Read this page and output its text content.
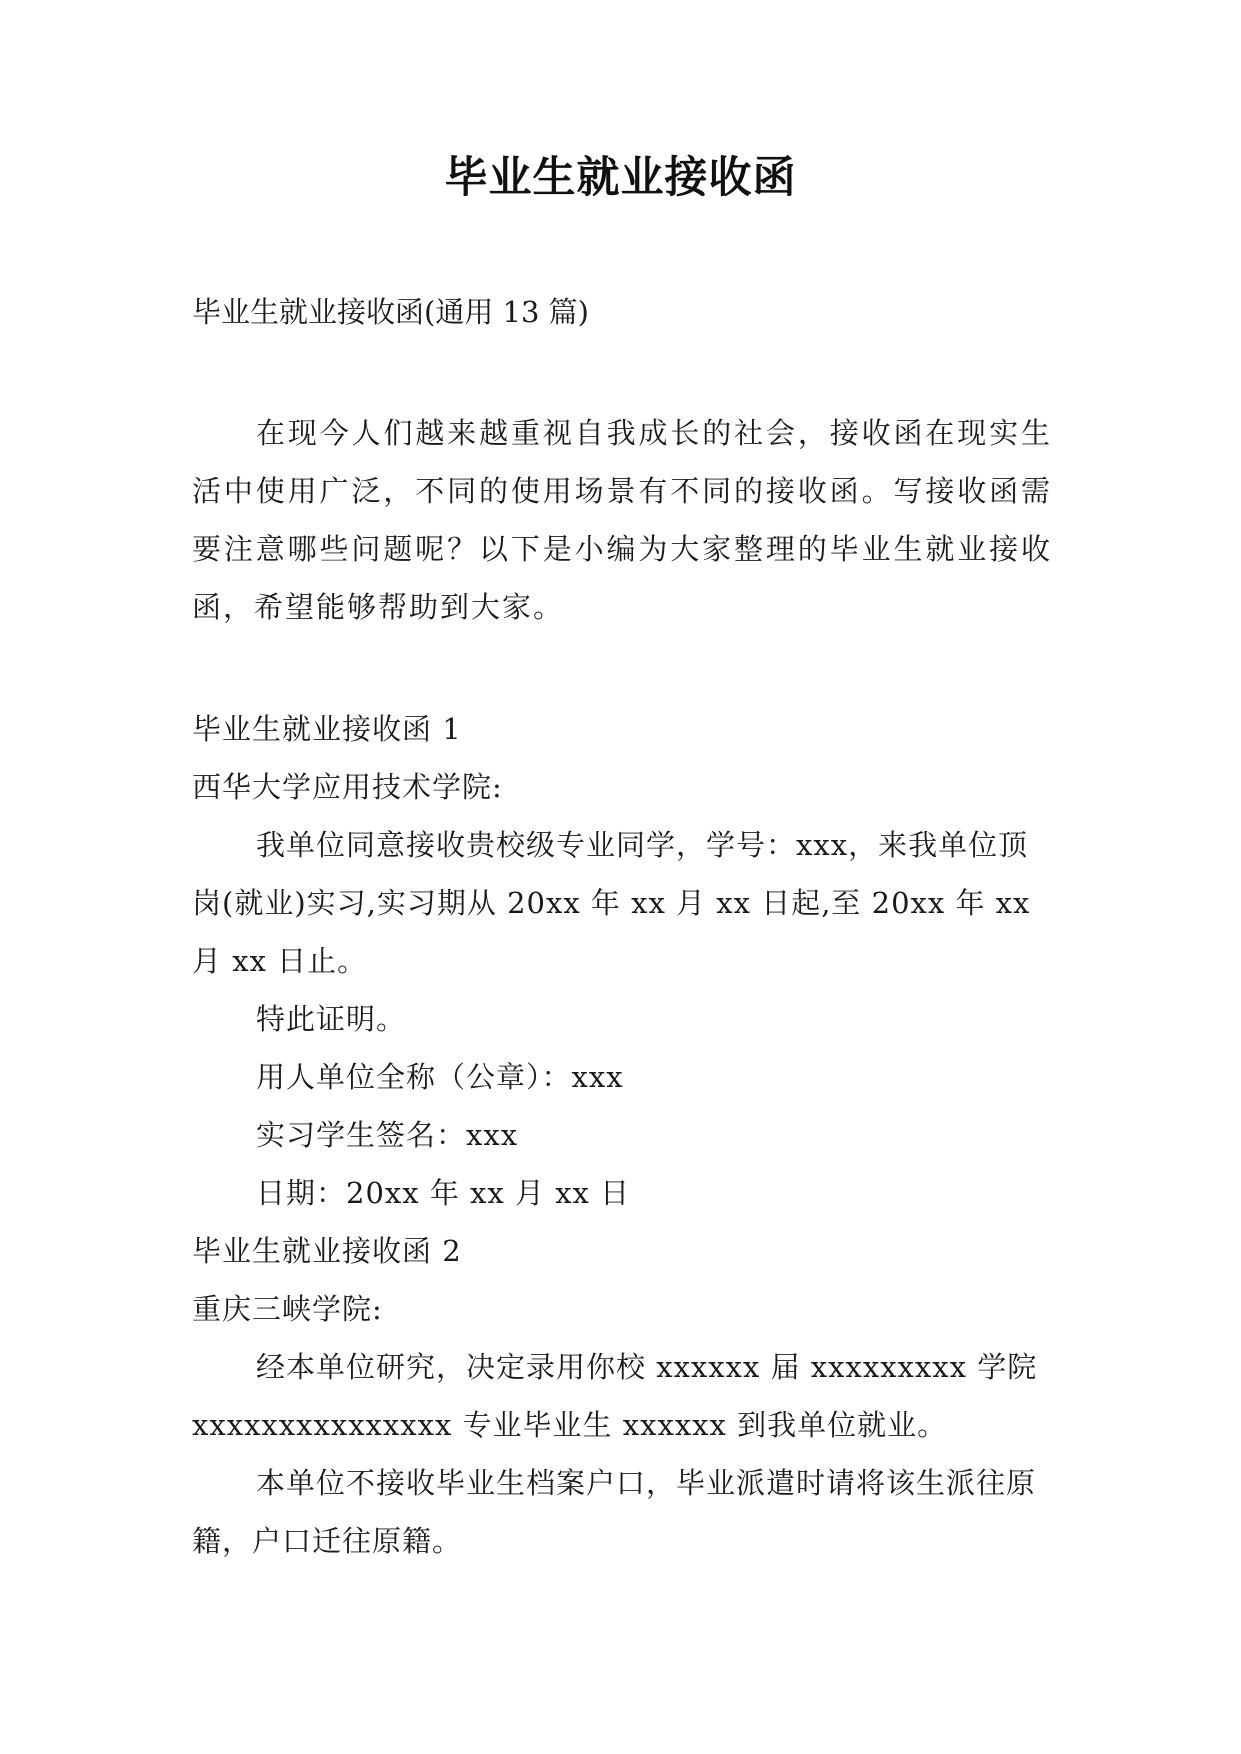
毕业生就业接收函
毕业生就业接收函(通用 13 篇)
在现今人们越来越重视自我成长的社会，接收函在现实生活中使用广泛，不同的使用场景有不同的接收函。写接收函需要注意哪些问题呢？以下是小编为大家整理的毕业生就业接收函，希望能够帮助到大家。

毕业生就业接收函 1

西华大学应用技术学院:

我单位同意接收贵校级专业同学，学号：xxx，来我单位顶岗(就业)实习,实习期从 20xx 年 xx 月 xx 日起,至 20xx 年 xx 月 xx 日止。

特此证明。

用人单位全称（公章）：xxx

实习学生签名：xxx

日期：20xx 年 xx 月 xx 日

毕业生就业接收函 2

重庆三峡学院:

经本单位研究，决定录用你校 xxxxxx 届 xxxxxxxxx 学院 xxxxxxxxxxxxxxx 专业毕业生 xxxxxx 到我单位就业。

本单位不接收毕业生档案户口，毕业派遣时请将该生派往原籍，户口迁往原籍。
